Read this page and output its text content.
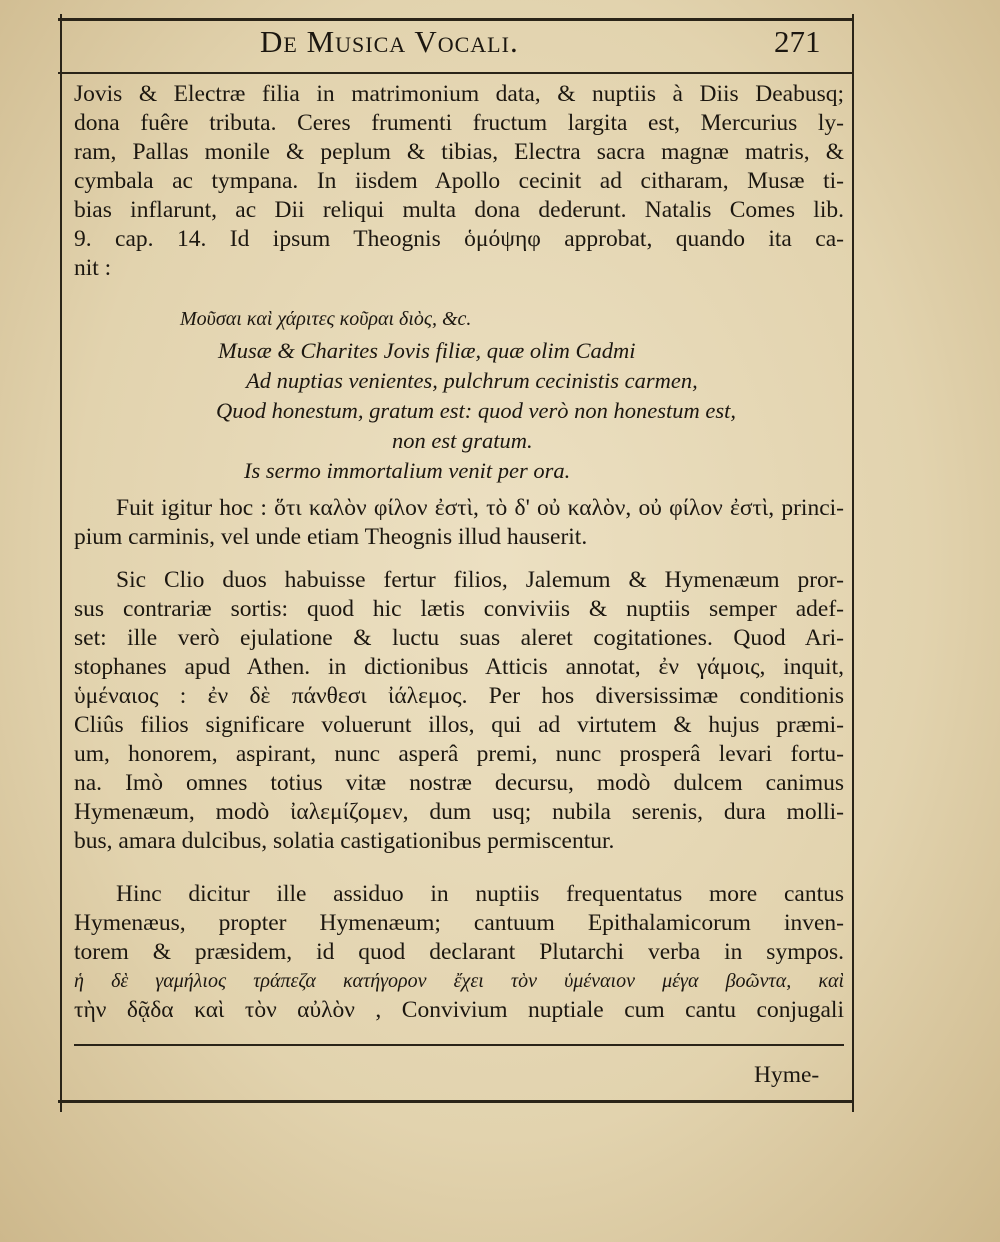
De Musica Vocali.	271
Jovis & Electræ filia in matrimonium data, & nuptiis à Diis Deabusq;
dona fuêre tributa. Ceres frumenti fructum largita est, Mercurius ly-
ram, Pallas monile & peplum & tibias, Electra sacra magnæ matris, &
cymbala ac tympana. In iisdem Apollo cecinit ad citharam, Musæ ti-
bias inflarunt, ac Dii reliqui multa dona dederunt. Natalis Comes lib.
9. cap. 14. Id ipsum Theognis ὁμόψηφ approbat, quando ita ca-
nit :
Μοῦσαι καὶ χάριτες κοῦραι διὸς, &c.
Musæ & Charites Jovis filiæ, quæ olim Cadmi
Ad nuptias venientes, pulchrum cecinistis carmen,
Quod honestum, gratum est: quod verò non honestum est,
non est gratum.
Is sermo immortalium venit per ora.
Fuit igitur hoc : ὅτι καλὸν φίλον ἐστὶ, τὸ δ' οὐ καλὸν, οὐ φίλον ἐστὶ, princi-
pium carminis, vel unde etiam Theognis illud hauserit.
Sic Clio duos habuisse fertur filios, Jalemum & Hymenæum pror-
sus contrariæ sortis: quod hic lætis conviviis & nuptiis semper adef-
set: ille verò ejulatione & luctu suas aleret cogitationes. Quod Ari-
stophanes apud Athen. in dictionibus Atticis annotat, ἐν γάμοις, inquit,
ὑμέναιος : ἐν δὲ πάνθεσι ἰάλεμος. Per hos diversissimæ conditionis
Cliûs filios significare voluerunt illos, qui ad virtutem & hujus præmi-
um, honorem, aspirant, nunc asperâ premi, nunc prosperâ levari fortu-
na. Imò omnes totius vitæ nostræ decursu, modò dulcem canimus
Hymenæum, modò ἰαλεμίζομεν, dum usq; nubila serenis, dura molli-
bus, amara dulcibus, solatia castigationibus permiscentur.
Hinc dicitur ille assiduo in nuptiis frequentatus more cantus
Hymenæus, propter Hymenæum; cantuum Epithalamicorum inven-
torem & præsidem, id quod declarant Plutarchi verba in sympos.
ἡ δὲ γαμήλιος τράπεζα κατήγορον ἔχει τὸν ὑμέναιον μέγα βοῶντα, καὶ
τὴν δᾷδα καὶ τὸν αὐλὸν , Convivium nuptiale cum cantu conjugali
Hyme-
